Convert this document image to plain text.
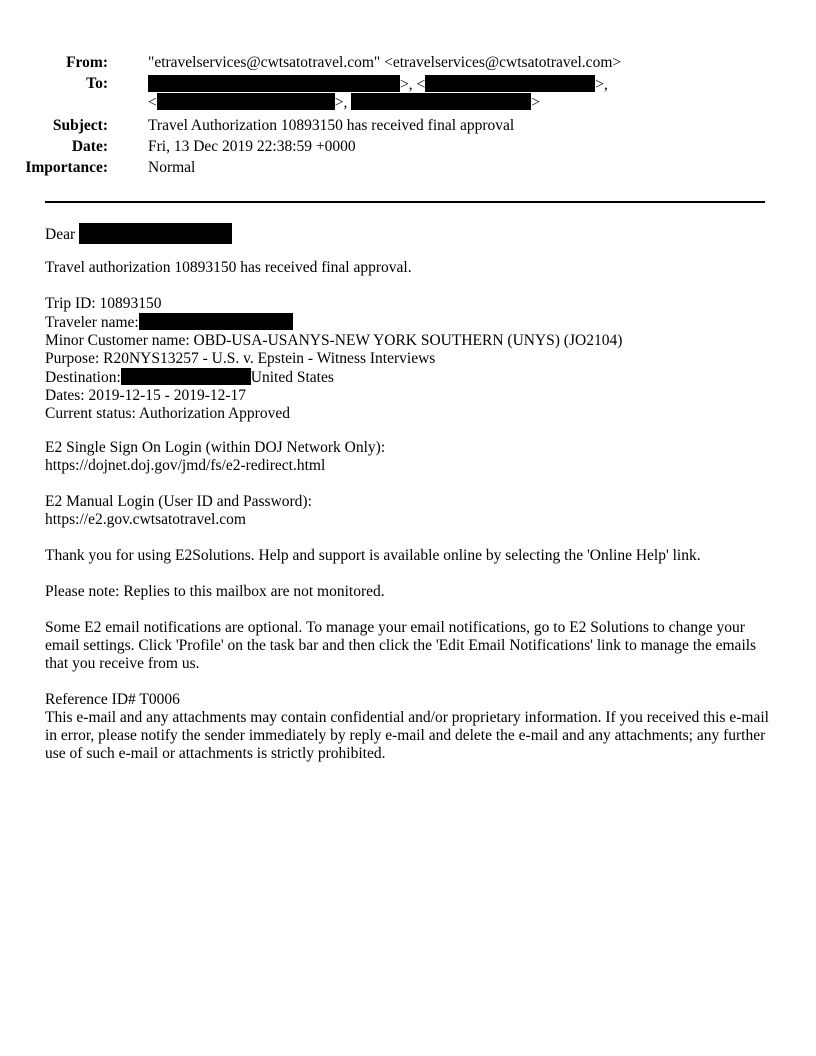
From:	"etravelservices@cwtsatotravel.com" <etravelservices@cwtsatotravel.com>
To:	>, <	>,
<	>,	>
Subject:	Travel Authorization 10893150 has received final approval
Date:	Fri, 13 Dec 2019 22:38:59 +0000
Importance:	Normal
Dear
Travel authorization 10893150 has received final approval.
Trip ID: 10893150
Traveler name:
Minor Customer name: OBD-USA-USANYS-NEW YORK SOUTHERN (UNYS) (JO2104)
Purpose: R20NYS13257 - U.S. v. Epstein - Witness Interviews
Destination:	United States
Dates: 2019-12-15 - 2019-12-17
Current status: Authorization Approved
E2 Single Sign On Login (within DOJ Network Only):
https://dojnet.doj.gov/jmd/fs/e2-redirect.html
E2 Manual Login (User ID and Password):
https://e2.gov.cwtsatotravel.com
Thank you for using E2Solutions. Help and support is available online by selecting the 'Online Help' link.
Please note: Replies to this mailbox are not monitored.
Some E2 email notifications are optional. To manage your email notifications, go to E2 Solutions to change your email settings. Click 'Profile' on the task bar and then click the 'Edit Email Notifications' link to manage the emails that you receive from us.
Reference ID# T0006
This e-mail and any attachments may contain confidential and/or proprietary information. If you received this e-mail in error, please notify the sender immediately by reply e-mail and delete the e-mail and any attachments; any further use of such e-mail or attachments is strictly prohibited.
